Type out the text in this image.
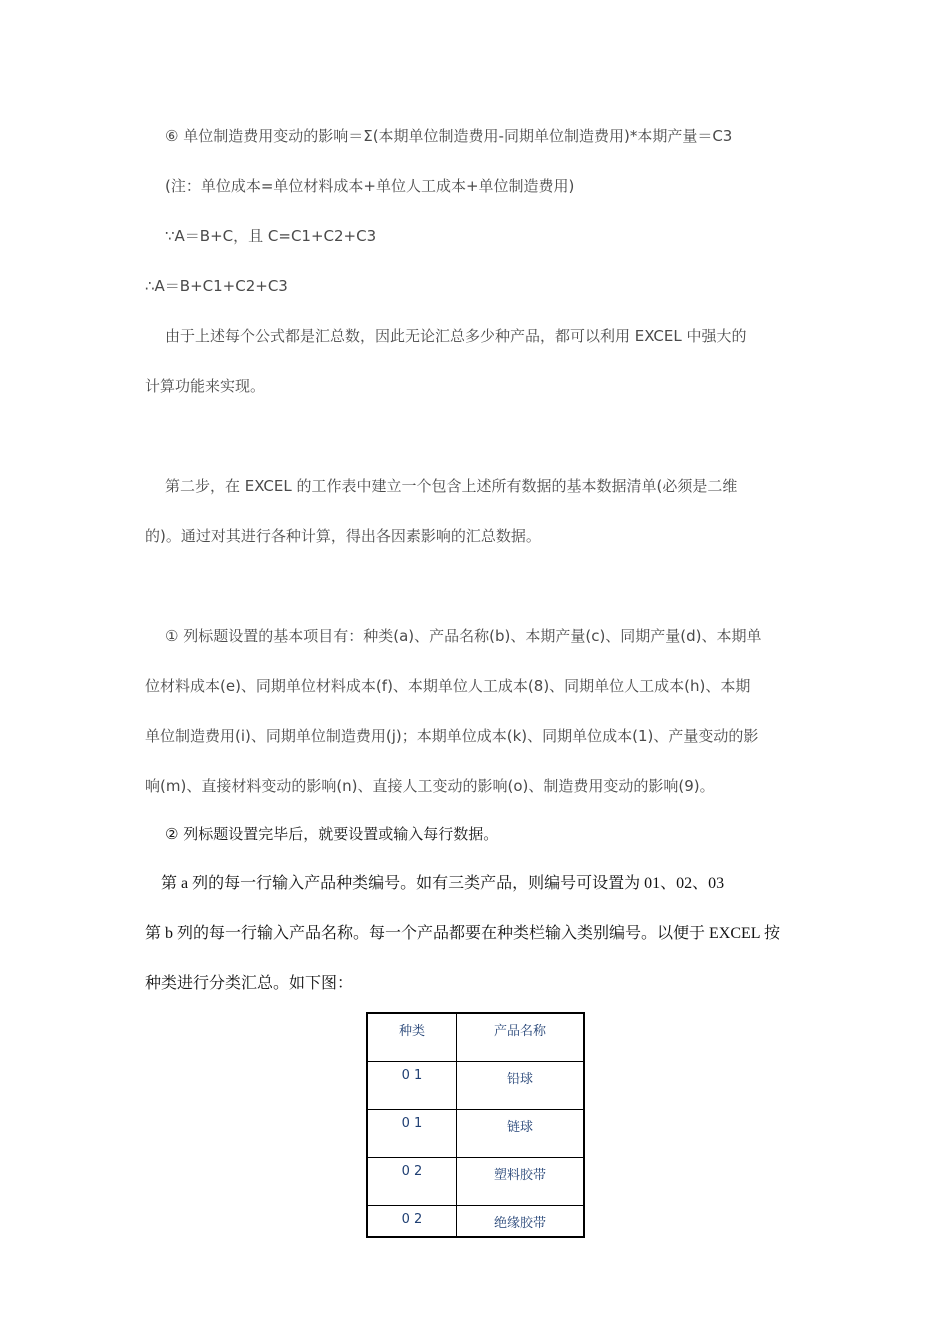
⑥ 单位制造费用变动的影响＝Σ(本期单位制造费用-同期单位制造费用)*本期产量＝C3
(注：单位成本=单位材料成本+单位人工成本+单位制造费用)
∵A＝B+C，且 C=C1+C2+C3
∴A＝B+C1+C2+C3
由于上述每个公式都是汇总数，因此无论汇总多少种产品，都可以利用 EXCEL 中强大的
计算功能来实现。
第二步，在 EXCEL 的工作表中建立一个包含上述所有数据的基本数据清单(必须是二维
的)。通过对其进行各种计算，得出各因素影响的汇总数据。
① 列标题设置的基本项目有：种类(a)、产品名称(b)、本期产量(c)、同期产量(d)、本期单
位材料成本(e)、同期单位材料成本(f)、本期单位人工成本(8)、同期单位人工成本(h)、本期
单位制造费用(i)、同期单位制造费用(j)；本期单位成本(k)、同期单位成本(1)、产量变动的影
响(m)、直接材料变动的影响(n)、直接人工变动的影响(o)、制造费用变动的影响(9)。
② 列标题设置完毕后，就要设置或输入每行数据。
第 a 列的每一行输入产品种类编号。如有三类产品，则编号可设置为 01、02、03
第 b 列的每一行输入产品名称。每一个产品都要在种类栏输入类别编号。以便于 EXCEL 按
种类进行分类汇总。如下图：
种类	产品名称
0 1	铅球
0 1	链球
0 2	塑料胶带
0 2	绝缘胶带
